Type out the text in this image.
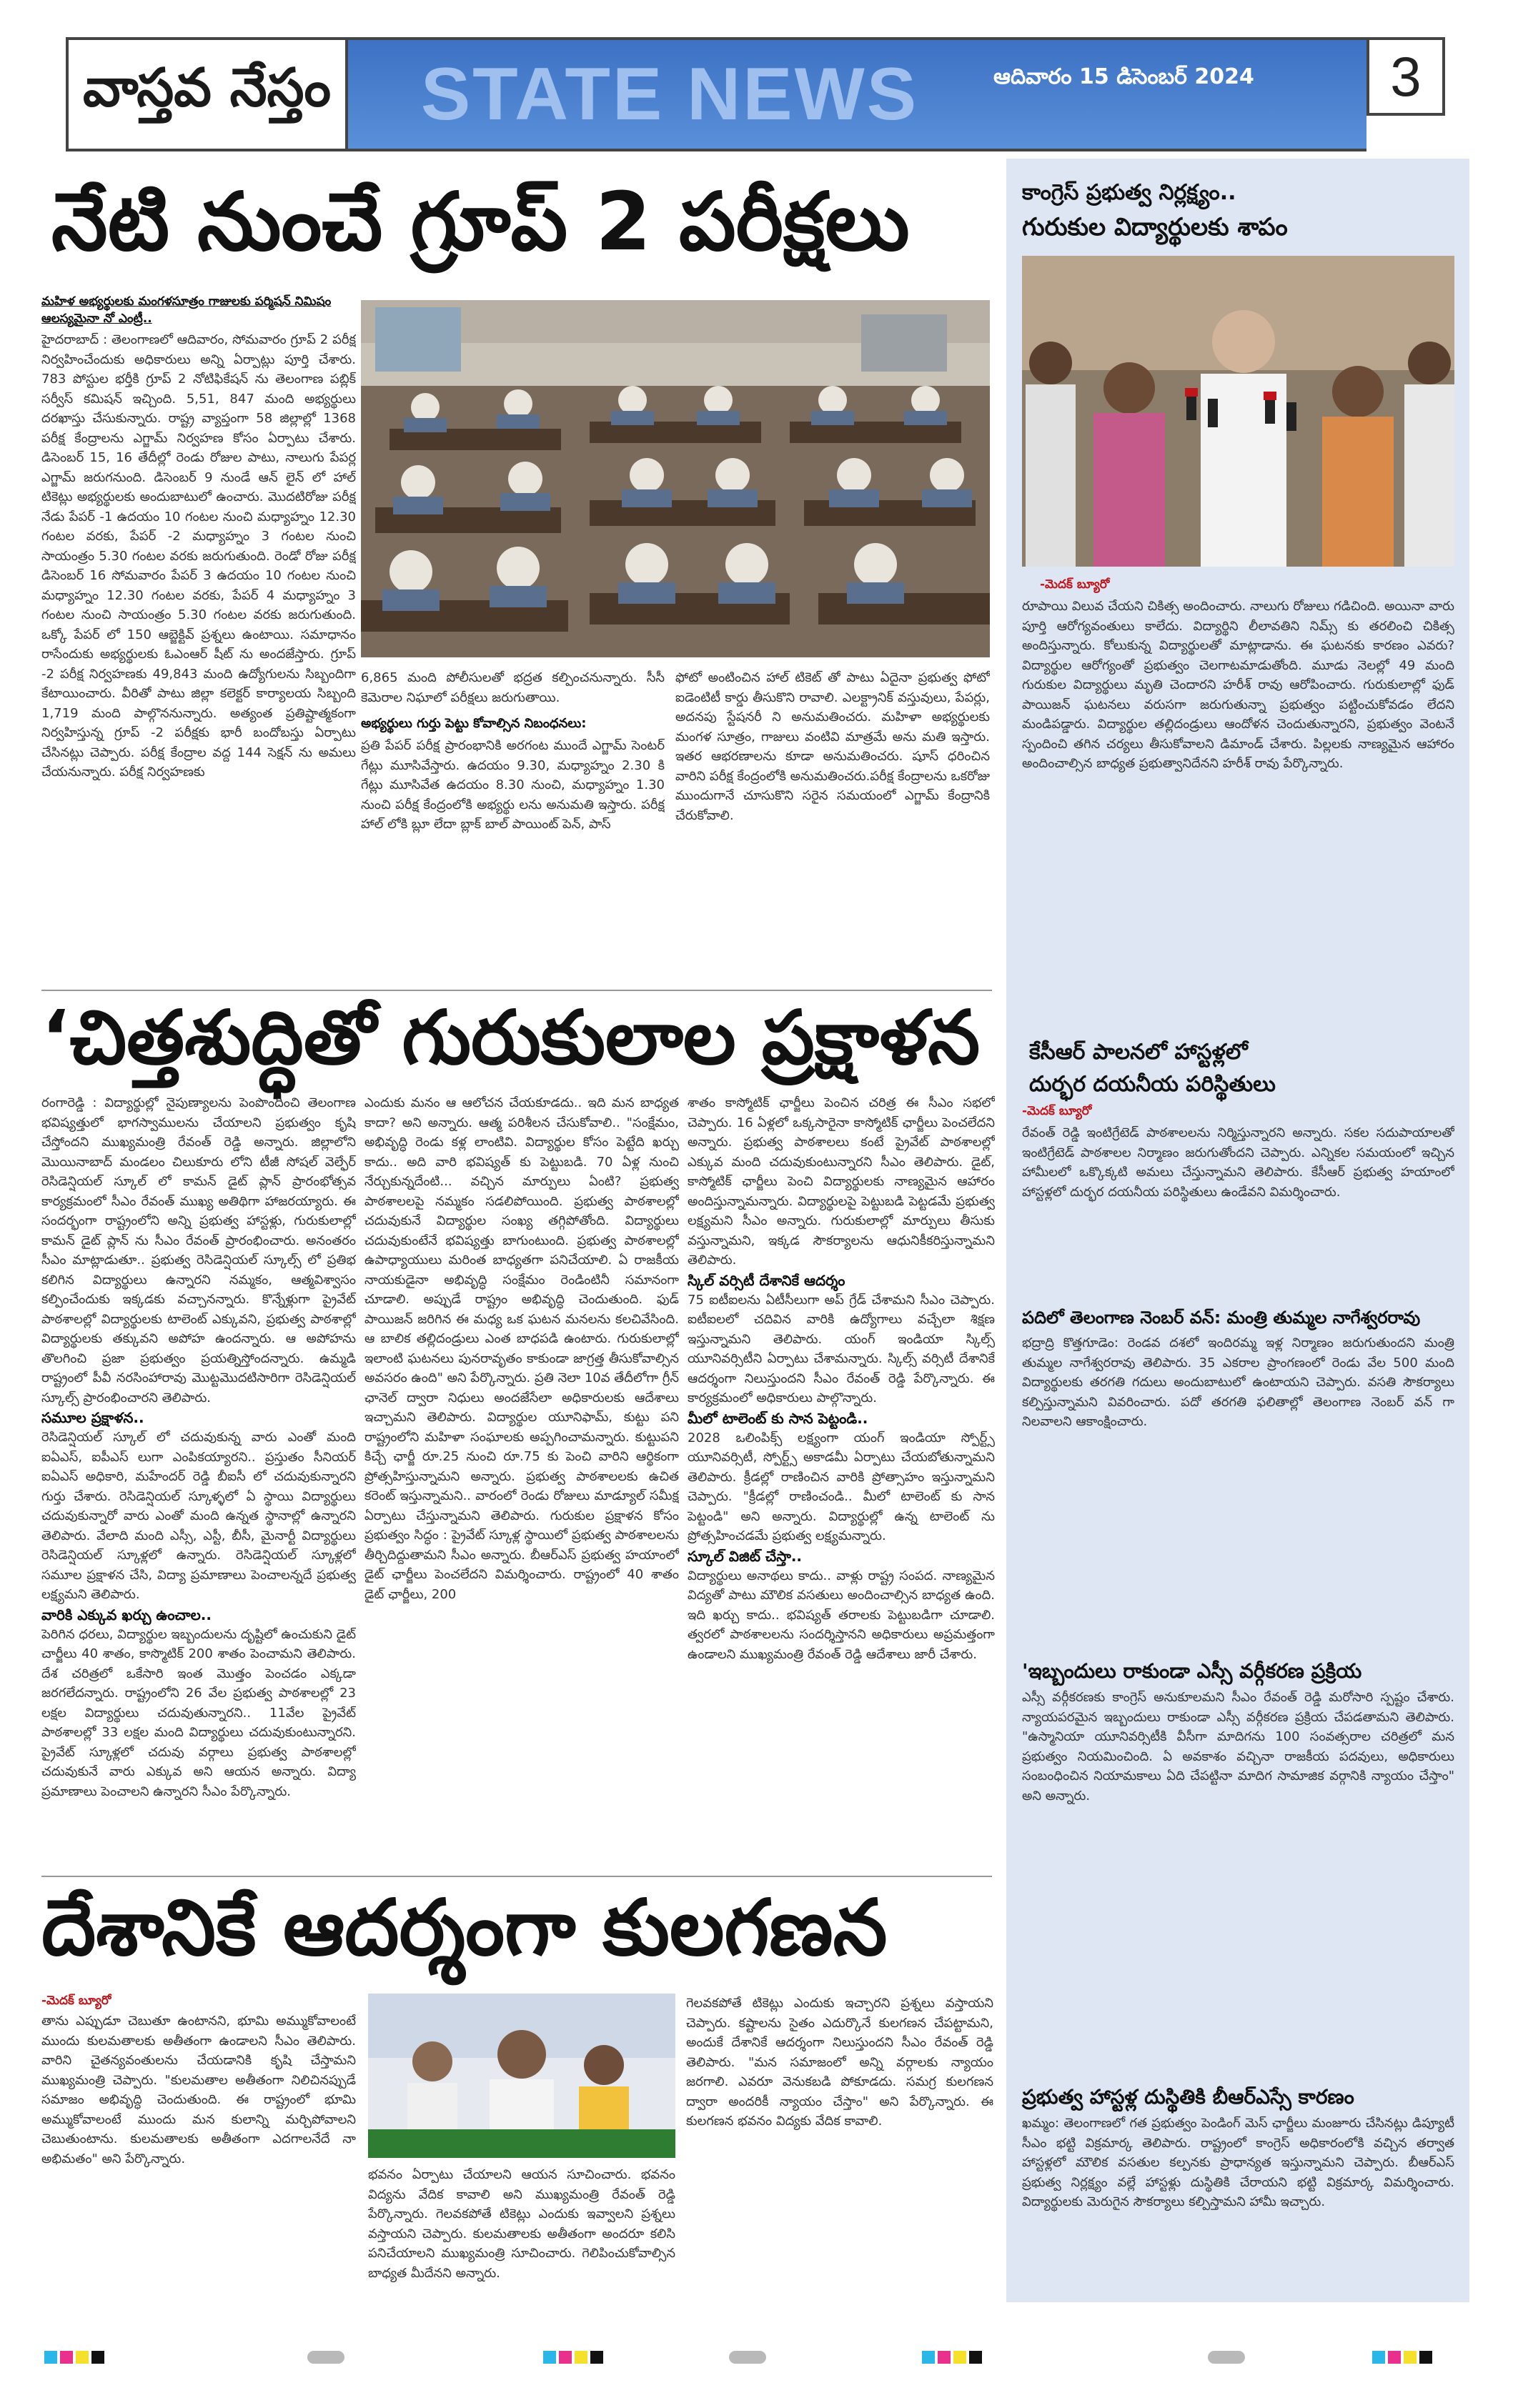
వాస్తవ నేస్తం	STATE NEWS	ఆదివారం 15 డిసెంబర్ 2024	3
నేటి నుంచే గ్రూప్ 2 పరీక్షలు
మహిళ అభ్యర్థులకు మంగళసూత్రం గాజులకు పర్మిషన్ నిమిషం ఆలస్యమైనా నో ఎంట్రీ..
హైదరాబాద్ : తెలంగాణలో ఆదివారం, సోమవారం గ్రూప్ 2 పరీక్ష నిర్వహించేందుకు అధికారులు అన్ని ఏర్పాట్లు పూర్తి చేశారు. 783 పోస్టుల భర్తీకి గ్రూప్ 2 నోటిఫికేషన్ ను తెలంగాణ పబ్లిక్ సర్వీస్ కమిషన్ ఇచ్చింది. 5,51, 847 మంది అభ్యర్థులు దరఖాస్తు చేసుకున్నారు. రాష్ట్ర వ్యాప్తంగా 58 జిల్లాల్లో 1368 పరీక్ష కేంద్రాలను ఎగ్జామ్ నిర్వహణ కోసం ఏర్పాటు చేశారు. డిసెంబర్ 15, 16 తేదీల్లో రెండు రోజుల పాటు, నాలుగు పేపర్ల ఎగ్జామ్ జరుగనుంది. డిసెంబర్ 9 నుండే ఆన్ లైన్ లో హాల్ టికెట్లు అభ్యర్థులకు అందుబాటులో ఉంచారు. మొదటిరోజు పరీక్ష నేడు పేపర్ -1 ఉదయం 10 గంటల నుంచి మధ్యాహ్నం 12.30 గంటల వరకు, పేపర్ -2 మధ్యాహ్నం 3 గంటల నుంచి సాయంత్రం 5.30 గంటల వరకు జరుగుతుంది. రెండో రోజు పరీక్ష డిసెంబర్ 16 సోమవారం పేపర్ 3 ఉదయం 10 గంటల నుంచి మధ్యాహ్నం 12.30 గంటల వరకు, పేపర్ 4 మధ్యాహ్నం 3 గంటల నుంచి సాయంత్రం 5.30 గంటల వరకు జరుగుతుంది. ఒక్కో పేపర్ లో 150 ఆబ్జెక్టివ్ ప్రశ్నలు ఉంటాయి. సమాధానం రాసేందుకు అభ్యర్థులకు ఓఎంఆర్ షీట్ ను అందజేస్తారు. గ్రూప్ -2 పరీక్ష నిర్వహణకు 49,843 మంది ఉద్యోగులను సిబ్బందిగా కేటాయించారు. వీరితో పాటు జిల్లా కలెక్టర్ కార్యాలయ సిబ్బంది 1,719 మంది పాల్గొననున్నారు. అత్యంత ప్రతిష్టాత్మకంగా నిర్వహిస్తున్న గ్రూప్ -2 పరీక్షకు భారీ బందోబస్తు ఏర్పాటు చేసినట్లు చెప్పారు. పరీక్ష కేంద్రాల వద్ద 144 సెక్షన్ ను అమలు చేయనున్నారు. పరీక్ష నిర్వహణకు
6,865 మంది పోలీసులతో భద్రత కల్పించనున్నారు. సీసీ కెమెరాల నిఘాలో పరీక్షలు జరుగుతాయి.
అభ్యర్థులు గుర్తు పెట్టు కోవాల్సిన నిబంధనలు:
ప్రతి పేపర్ పరీక్ష ప్రారంభానికి అరగంట ముందే ఎగ్జామ్ సెంటర్ గేట్లు మూసివేస్తారు. ఉదయం 9.30, మధ్యాహ్నం 2.30 కి గేట్లు మూసివేత ఉదయం 8.30 నుంచి, మధ్యాహ్నం 1.30 నుంచి పరీక్ష కేంద్రంలోకి అభ్యర్థు లను అనుమతి ఇస్తారు. పరీక్ష హాల్ లోకి బ్లూ లేదా బ్లాక్ బాల్ పాయింట్ పెన్, పాస్
ఫోటో అంటించిన హాల్ టికెట్ తో పాటు ఏదైనా ప్రభుత్వ ఫోటో ఐడెంటిటీ కార్డు తీసుకొని రావాలి. ఎలక్ట్రానిక్ వస్తువులు, పేపర్లు, అదనపు స్టేషనరీ ని అనుమతించరు. మహిళా అభ్యర్థులకు మంగళ సూత్రం, గాజులు వంటివి మాత్రమే అను మతి ఇస్తారు. ఇతర ఆభరణాలను కూడా అనుమతించరు. షూస్ ధరించిన వారిని పరీక్ష కేంద్రంలోకి అనుమతించరు.పరీక్ష కేంద్రాలను ఒకరోజు ముందుగానే చూసుకొని సరైన సమయంలో ఎగ్జామ్ కేంద్రానికి చేరుకోవాలి.
‘చిత్తశుద్ధితో గురుకులాల ప్రక్షాళన
రంగారెడ్డి : విద్యార్థుల్లో నైపుణ్యాలను పెంపొందించి తెలంగాణ భవిష్యత్తులో భాగస్వాములను చేయాలని ప్రభుత్వం కృషి చేస్తోందని ముఖ్యమంత్రి రేవంత్ రెడ్డి అన్నారు. జిల్లాలోని మొయినాబాద్ మండలం చిలుకూరు లోని టీజీ సోషల్ వెల్ఫేర్ రెసిడెన్షియల్ స్కూల్ లో కామన్ డైట్ ప్లాన్ ప్రారంభోత్సవ కార్యక్రమంలో సీఎం రేవంత్ ముఖ్య అతిథిగా హాజరయ్యారు. ఈ సందర్భంగా రాష్ట్రంలోని అన్ని ప్రభుత్వ హాస్టళ్లు, గురుకులాల్లో కామన్ డైట్ ప్లాన్ ను సీఎం రేవంత్ ప్రారంభించారు. అనంతరం సీఎం మాట్లాడుతూ.. ప్రభుత్వ రెసిడెన్షియల్ స్కూల్స్ లో ప్రతిభ కలిగిన విద్యార్థులు ఉన్నారని నమ్మకం, ఆత్మవిశ్వాసం కల్పించేందుకు ఇక్కడకు వచ్చానన్నారు. కొన్నేళ్లుగా ప్రైవేట్ పాఠశాలల్లో విద్యార్థులకు టాలెంట్ ఎక్కువని, ప్రభుత్వ పాఠశాల్లో విద్యార్థులకు తక్కువని అపోహ ఉందన్నారు. ఆ అపోహను తొలగించి ప్రజా ప్రభుత్వం ప్రయత్నిస్తోందన్నారు. ఉమ్మడి రాష్ట్రంలో పీవీ నరసింహారావు మొట్టమొదటిసారిగా రెసిడెన్షియల్ స్కూల్స్ ప్రారంభించారని తెలిపారు.
సమూల ప్రక్షాళన..
రెసిడెన్షియల్ స్కూల్ లో చదువుకున్న వారు ఎంతో మంది ఐఏఎస్, ఐపీఎస్ లుగా ఎంపికయ్యారని.. ప్రస్తుతం సీనియర్ ఐఏఎస్ అధికారి, మహేందర్ రెడ్డి బీఐసీ లో చదువుకున్నారని గుర్తు చేశారు. రెసిడెన్షియల్ స్కూళ్ళలో ఏ స్థాయి విద్యార్థులు చదువుకున్నారో వారు ఎంతో మంది ఉన్నత స్థానాల్లో ఉన్నారని తెలిపారు. వేలాది మంది ఎస్సీ, ఎస్టీ, బీసీ, మైనార్టీ విద్యార్థులు రెసిడెన్షియల్ స్కూళ్లలో ఉన్నారు. రెసిడెన్షియల్ స్కూళ్లలో సమూల ప్రక్షాళన చేసి, విద్యా ప్రమాణాలు పెంచాలన్నదే ప్రభుత్వ లక్ష్యమని తెలిపారు.
వారికి ఎక్కువ ఖర్చు ఉంచాల..
పెరిగిన ధరలు, విద్యార్థుల ఇబ్బందులను దృష్టిలో ఉంచుకుని డైట్ చార్జీలు 40 శాతం, కాస్మొటిక్ 200 శాతం పెంచామని తెలిపారు. దేశ చరిత్రలో ఒకేసారి ఇంత మొత్తం పెంచడం ఎక్కడా జరగలేదన్నారు. రాష్ట్రంలోని 26 వేల ప్రభుత్వ పాఠశాలల్లో 23 లక్షల విద్యార్థులు చదువుతున్నారని.. 11వేల ప్రైవేట్ పాఠశాలల్లో 33 లక్షల మంది విద్యార్థులు చదువుకుంటున్నారని. ప్రైవేట్ స్కూళ్లలో చదువు వర్గాలు ప్రభుత్వ పాఠశాలల్లో చదువుకునే వారు ఎక్కువ అని ఆయన అన్నారు. విద్యా ప్రమాణాలు పెంచాలని ఉన్నారని సీఎం పేర్కొన్నారు.
ఎందుకు మనం ఆ ఆలోచన చేయకూడదు.. ఇది మన బాధ్యత కాదా? అని అన్నారు. ఆత్మ పరిశీలన చేసుకోవాలి.. "సంక్షేమం, అభివృద్ధి రెండు కళ్ల లాంటివి. విద్యార్థుల కోసం పెట్టేది ఖర్చు కాదు.. అది వారి భవిష్యత్ కు పెట్టుబడి. 70 ఏళ్ల నుంచి నేర్చుకున్నదేంటి... వచ్చిన మార్పులు ఏంటి? ప్రభుత్వ పాఠశాలలపై నమ్మకం సడలిపోయింది. ప్రభుత్వ పాఠశాలల్లో చదువుకునే విద్యార్థుల సంఖ్య తగ్గిపోతోంది. విద్యార్థులు చదువుకుంటేనే భవిష్యత్తు బాగుంటుంది. ప్రభుత్వ పాఠశాలల్లో ఉపాధ్యాయులు మరింత బాధ్యతగా పనిచేయాలి. ఏ రాజకీయ నాయకుడైనా అభివృద్ధి సంక్షేమం రెండింటినీ సమానంగా చూడాలి. అప్పుడే రాష్ట్రం అభివృద్ధి చెందుతుంది. ఫుడ్ పాయిజన్ జరిగిన ఈ మధ్య ఒక ఘటన మనలను కలచివేసింది. ఆ బాలిక తల్లిదండ్రులు ఎంత బాధపడి ఉంటారు. గురుకులాల్లో ఇలాంటి ఘటనలు పునరావృతం కాకుండా జాగ్రత్త తీసుకోవాల్సిన అవసరం ఉంది" అని పేర్కొన్నారు. ప్రతి నెలా 10వ తేదీలోగా గ్రీన్ ఛానెల్ ద్వారా నిధులు అందజేసేలా అధికారులకు ఆదేశాలు ఇచ్చామని తెలిపారు. విద్యార్థుల యూనిఫామ్, కుట్టు పని రాష్ట్రంలోని మహిళా సంఘాలకు అప్పగించామన్నారు. కుట్టుపని కిచ్చే ఛార్జీ రూ.25 నుంచి రూ.75 కు పెంచి వారిని ఆర్థికంగా ప్రోత్సహిస్తున్నామని అన్నారు. ప్రభుత్వ పాఠశాలలకు ఉచిత కరెంట్ ఇస్తున్నామని.. వారంలో రెండు రోజులు మాడ్యూల్ సమీక్ష ఏర్పాటు చేస్తున్నామని తెలిపారు. గురుకుల ప్రక్షాళన కోసం ప్రభుత్వం సిద్ధం : ప్రైవేట్ స్కూళ్ల స్థాయిలో ప్రభుత్వ పాఠశాలలను తీర్చిదిద్దుతామని సీఎం అన్నారు. బీఆర్ఎస్ ప్రభుత్వ హయాంలో డైట్ ఛార్జీలు పెంచలేదని విమర్శించారు. రాష్ట్రంలో 40 శాతం డైట్ ఛార్జీలు, 200
శాతం కాస్మోటిక్ ఛార్జీలు పెంచిన చరిత్ర ఈ సీఎం సభలో చెప్పారు. 16 ఏళ్లలో ఒక్కసారైనా కాస్మోటిక్ ఛార్జీలు పెంచలేదని అన్నారు. ప్రభుత్వ పాఠశాలలు కంటే ప్రైవేట్ పాఠశాలల్లో ఎక్కువ మంది చదువుకుంటున్నారని సీఎం తెలిపారు. డైట్, కాస్మోటిక్ ఛార్జీలు పెంచి విద్యార్థులకు నాణ్యమైన ఆహారం అందిస్తున్నామన్నారు. విద్యార్థులపై పెట్టుబడి పెట్టడమే ప్రభుత్వ లక్ష్యమని సీఎం అన్నారు. గురుకులాల్లో మార్పులు తీసుకు వస్తున్నామని, ఇక్కడ సౌకర్యాలను ఆధునికీకరిస్తున్నామని తెలిపారు.
స్కిల్ వర్సిటీ దేశానికే ఆదర్శం
75 ఐటీఐలను ఏటీసీలుగా అప్ గ్రేడ్ చేశామని సీఎం చెప్పారు. ఐటీఐలలో చదివిన వారికి ఉద్యోగాలు వచ్చేలా శిక్షణ ఇస్తున్నామని తెలిపారు. యంగ్ ఇండియా స్కిల్స్ యూనివర్సిటీని ఏర్పాటు చేశామన్నారు. స్కిల్స్ వర్సిటీ దేశానికే ఆదర్శంగా నిలుస్తుందని సీఎం రేవంత్ రెడ్డి పేర్కొన్నారు. ఈ కార్యక్రమంలో అధికారులు పాల్గొన్నారు.
మీలో టాలెంట్ కు సాన పెట్టండి..
2028 ఒలింపిక్స్ లక్ష్యంగా యంగ్ ఇండియా స్పోర్ట్స్ యూనివర్సిటీ, స్పోర్ట్స్ అకాడమీ ఏర్పాటు చేయబోతున్నామని తెలిపారు. క్రీడల్లో రాణించిన వారికి ప్రోత్సాహం ఇస్తున్నామని చెప్పారు. "క్రీడల్లో రాణించండి.. మీలో టాలెంట్ కు సాన పెట్టండి" అని అన్నారు. విద్యార్థుల్లో ఉన్న టాలెంట్ ను ప్రోత్సహించడమే ప్రభుత్వ లక్ష్యమన్నారు.
స్కూల్ విజిట్ చేస్తా..
విద్యార్థులు అనాథలు కాదు.. వాళ్లు రాష్ట్ర సంపద. నాణ్యమైన విద్యతో పాటు మౌలిక వసతులు అందించాల్సిన బాధ్యత ఉంది. ఇది ఖర్చు కాదు.. భవిష్యత్ తరాలకు పెట్టుబడిగా చూడాలి. త్వరలో పాఠశాలలను సందర్శిస్తానని అధికారులు అప్రమత్తంగా ఉండాలని ముఖ్యమంత్రి రేవంత్ రెడ్డి ఆదేశాలు జారీ చేశారు.
దేశానికే ఆదర్శంగా కులగణన
-మెదక్ బ్యూరో
తాను ఎప్పుడూ చెబుతూ ఉంటానని, భూమి అమ్ముకోవాలంటే ముందు కులమతాలకు అతీతంగా ఉండాలని సీఎం తెలిపారు. వారిని చైతన్యవంతులను చేయడానికి కృషి చేస్తామని ముఖ్యమంత్రి చెప్పారు. "కులమతాల అతీతంగా నిలిచినప్పుడే సమాజం అభివృద్ధి చెందుతుంది. ఈ రాష్ట్రంలో భూమి అమ్ముకోవాలంటే ముందు మన కులాన్ని మర్చిపోవాలని చెబుతుంటాను. కులమతాలకు అతీతంగా ఎదగాలనేదే నా అభిమతం" అని పేర్కొన్నారు.
భవనం ఏర్పాటు చేయాలని ఆయన సూచించారు. భవనం విద్యను వేదిక కావాలి అని ముఖ్యమంత్రి రేవంత్ రెడ్డి పేర్కొన్నారు. గెలవకపోతే టికెట్లు ఎందుకు ఇవ్వాలని ప్రశ్నలు వస్తాయని చెప్పారు. కులమతాలకు అతీతంగా అందరూ కలిసి పనిచేయాలని ముఖ్యమంత్రి సూచించారు. గెలిపించుకోవాల్సిన బాధ్యత మీదేనని అన్నారు.
గెలవకపోతే టికెట్లు ఎందుకు ఇచ్చారని ప్రశ్నలు వస్తాయని చెప్పారు. కష్టాలను సైతం ఎదుర్కొనే కులగణన చేపట్టామని, అందుకే దేశానికే ఆదర్శంగా నిలుస్తుందని సీఎం రేవంత్ రెడ్డి తెలిపారు. "మన సమాజంలో అన్ని వర్గాలకు న్యాయం జరగాలి. ఎవరూ వెనుకబడి పోకూడదు. సమగ్ర కులగణన ద్వారా అందరికీ న్యాయం చేస్తాం" అని పేర్కొన్నారు. ఈ కులగణన భవనం విద్యకు వేదిక కావాలి.
కాంగ్రెస్ ప్రభుత్వ నిర్లక్ష్యం..
గురుకుల విద్యార్థులకు శాపం
-మెదక్ బ్యూరో
రూపాయి విలువ చేయని చికిత్స అందించారు. నాలుగు రోజులు గడిచింది. అయినా వారు పూర్తి ఆరోగ్యవంతులు కాలేదు. విద్యార్థిని లీలావతిని నిమ్స్ కు తరలించి చికిత్స అందిస్తున్నారు. కోలుకున్న విద్యార్థులతో మాట్లాడాను. ఈ ఘటనకు కారణం ఎవరు? విద్యార్థుల ఆరోగ్యంతో ప్రభుత్వం చెలగాటమాడుతోంది. మూడు నెలల్లో 49 మంది గురుకుల విద్యార్థులు మృతి చెందారని హరీశ్ రావు ఆరోపించారు. గురుకులాల్లో ఫుడ్ పాయిజన్ ఘటనలు వరుసగా జరుగుతున్నా ప్రభుత్వం పట్టించుకోవడం లేదని మండిపడ్డారు. విద్యార్థుల తల్లిదండ్రులు ఆందోళన చెందుతున్నారని, ప్రభుత్వం వెంటనే స్పందించి తగిన చర్యలు తీసుకోవాలని డిమాండ్ చేశారు. పిల్లలకు నాణ్యమైన ఆహారం అందించాల్సిన బాధ్యత ప్రభుత్వానిదేనని హరీశ్ రావు పేర్కొన్నారు.
కేసీఆర్ పాలనలో హాస్టళ్లలో
దుర్భర దయనీయ పరిస్థితులు
-మెదక్ బ్యూరో
రేవంత్ రెడ్డి ఇంటిగ్రేటెడ్ పాఠశాలలను నిర్మిస్తున్నారని అన్నారు. సకల సదుపాయాలతో ఇంటిగ్రేటెడ్ పాఠశాలల నిర్మాణం జరుగుతోందని చెప్పారు. ఎన్నికల సమయంలో ఇచ్చిన హామీలలో ఒక్కొక్కటి అమలు చేస్తున్నామని తెలిపారు. కేసీఆర్ ప్రభుత్వ హయాంలో హాస్టళ్లలో దుర్భర దయనీయ పరిస్థితులు ఉండేవని విమర్శించారు.
పదిలో తెలంగాణ నెంబర్ వన్: మంత్రి తుమ్మల నాగేశ్వరరావు
భద్రాద్రి కొత్తగూడెం: రెండవ దశలో ఇందిరమ్మ ఇళ్ల నిర్మాణం జరుగుతుందని మంత్రి తుమ్మల నాగేశ్వరరావు తెలిపారు. 35 ఎకరాల ప్రాంగణంలో రెండు వేల 500 మంది విద్యార్థులకు తరగతి గదులు అందుబాటులో ఉంటాయని చెప్పారు. వసతి సౌకర్యాలు కల్పిస్తున్నామని వివరించారు. పదో తరగతి ఫలితాల్లో తెలంగాణ నెంబర్ వన్ గా నిలవాలని ఆకాంక్షించారు.
'ఇబ్బందులు రాకుండా ఎస్సీ వర్గీకరణ ప్రక్రియ
ఎస్సీ వర్గీకరణకు కాంగ్రెస్ అనుకూలమని సీఎం రేవంత్ రెడ్డి మరోసారి స్పష్టం చేశారు. న్యాయపరమైన ఇబ్బందులు రాకుండా ఎస్సీ వర్గీకరణ ప్రక్రియ చేపడతామని తెలిపారు. "ఉస్మానియా యూనివర్సిటీకి వీసీగా మాదిగను 100 సంవత్సరాల చరిత్రలో మన ప్రభుత్వం నియమించింది. ఏ అవకాశం వచ్చినా రాజకీయ పదవులు, అధికారులు సంబంధించిన నియామకాలు ఏది చేపట్టినా మాదిగ సామాజిక వర్గానికి న్యాయం చేస్తాం" అని అన్నారు.
ప్రభుత్వ హాస్టళ్ల దుస్థితికి బీఆర్ఎస్సే కారణం
ఖమ్మం: తెలంగాణలో గత ప్రభుత్వం పెండింగ్ మెస్ ఛార్జీలు మంజూరు చేసినట్లు డిప్యూటీ సీఎం భట్టి విక్రమార్క తెలిపారు. రాష్ట్రంలో కాంగ్రెస్ అధికారంలోకి వచ్చిన తర్వాత హాస్టళ్లలో మౌలిక వసతుల కల్పనకు ప్రాధాన్యత ఇస్తున్నామని చెప్పారు. బీఆర్ఎస్ ప్రభుత్వ నిర్లక్ష్యం వల్లే హాస్టళ్లు దుస్థితికి చేరాయని భట్టి విక్రమార్క విమర్శించారు. విద్యార్థులకు మెరుగైన సౌకర్యాలు కల్పిస్తామని హామీ ఇచ్చారు.
